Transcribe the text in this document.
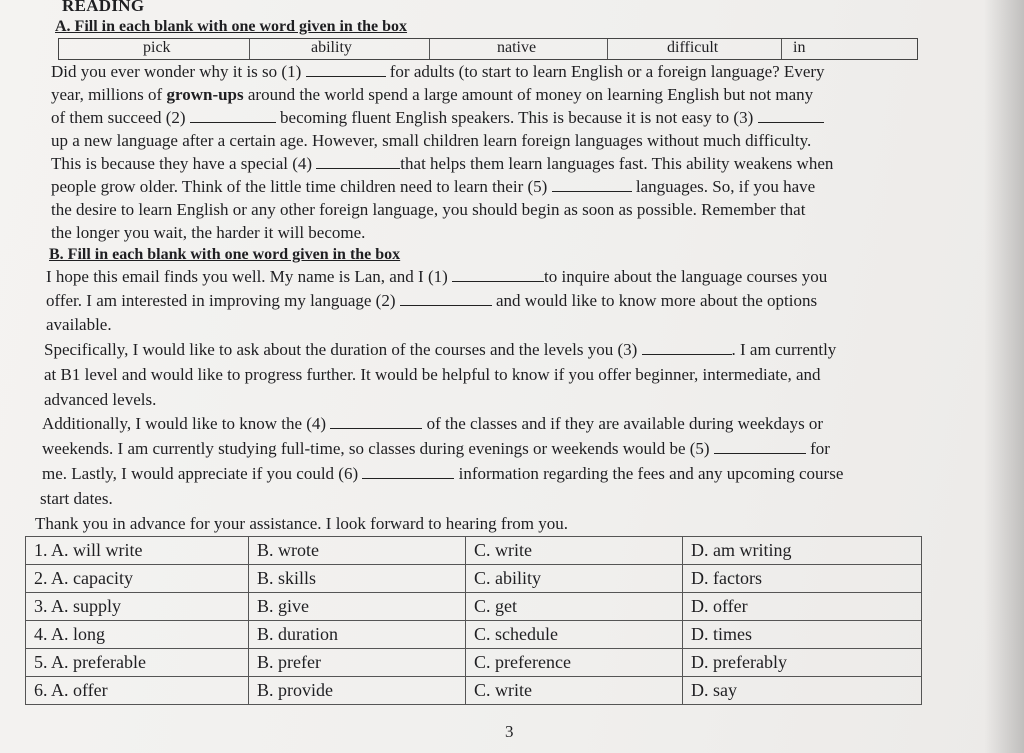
READING
A. Fill in each blank with one word given in the box
pick	ability	native	difficult	in
Did you ever wonder why it is so (1)	for adults (to start to learn English or a foreign language? Every
year, millions of grown-ups around the world spend a large amount of money on learning English but not many
of them succeed (2)	becoming fluent English speakers. This is because it is not easy to (3)
up a new language after a certain age. However, small children learn foreign languages without much difficulty.
This is because they have a special (4)	that helps them learn languages fast. This ability weakens when
people grow older. Think of the little time children need to learn their (5)	languages. So, if you have
the desire to learn English or any other foreign language, you should begin as soon as possible. Remember that
the longer you wait, the harder it will become.
B. Fill in each blank with one word given in the box
I hope this email finds you well. My name is Lan, and I (1)	to inquire about the language courses you
offer. I am interested in improving my language (2)	and would like to know more about the options
available.
Specifically, I would like to ask about the duration of the courses and the levels you (3)	. I am currently
at B1 level and would like to progress further. It would be helpful to know if you offer beginner, intermediate, and
advanced levels.
Additionally, I would like to know the (4)	of the classes and if they are available during weekdays or
weekends. I am currently studying full-time, so classes during evenings or weekends would be (5)	for
me. Lastly, I would appreciate if you could (6)	information regarding the fees and any upcoming course
start dates.
Thank you in advance for your assistance. I look forward to hearing from you.
1. A. will write	B. wrote	C. write	D. am writing
2. A. capacity	B. skills	C. ability	D. factors
3. A. supply	B. give	C. get	D. offer
4. A. long	B. duration	C. schedule	D. times
5. A. preferable	B. prefer	C. preference	D. preferably
6. A. offer	B. provide	C. write	D. say
3
